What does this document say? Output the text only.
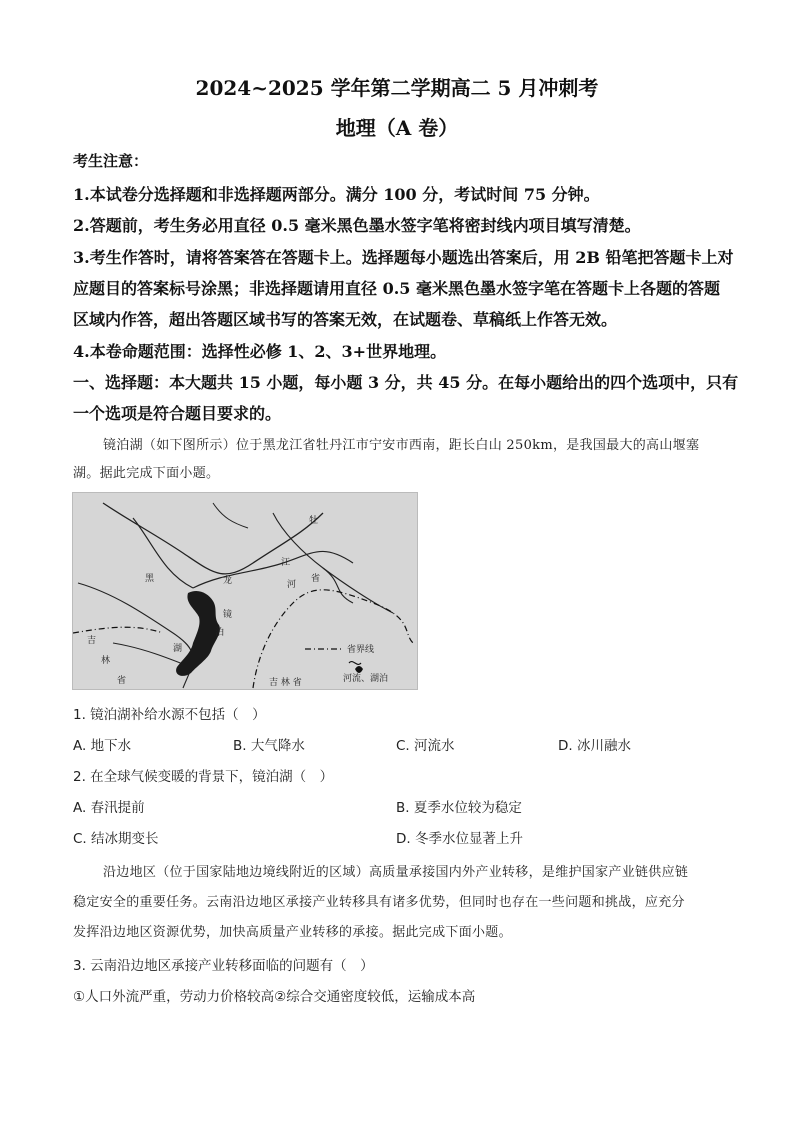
2024~2025 学年第二学期高二 5 月冲刺考
地理（A 卷）
考生注意：
1.本试卷分选择题和非选择题两部分。满分 100 分，考试时间 75 分钟。
2.答题前，考生务必用直径 0.5 毫米黑色墨水签字笔将密封线内项目填写清楚。
3.考生作答时，请将答案答在答题卡上。选择题每小题选出答案后，用 2B 铅笔把答题卡上对
应题目的答案标号涂黑；非选择题请用直径 0.5 毫米黑色墨水签字笔在答题卡上各题的答题
区域内作答，超出答题区域书写的答案无效，在试题卷、草稿纸上作答无效。
4.本卷命题范围：选择性必修 1、2、3+世界地理。
一、选择题：本大题共 15 小题，每小题 3 分，共 45 分。在每小题给出的四个选项中，只有
一个选项是符合题目要求的。
镜泊湖（如下图所示）位于黑龙江省牡丹江市宁安市西南，距长白山 250km，是我国最大的高山堰塞
湖。据此完成下面小题。
黑	龙
江
省
吉
林
省	吉 林 省
牡
镜
泊
湖
河
省界线
河流、湖泊
1. 镜泊湖补给水源不包括（　）
A. 地下水	B. 大气降水	C. 河流水	D. 冰川融水
2. 在全球气候变暖的背景下，镜泊湖（　）
A. 春汛提前	B. 夏季水位较为稳定
C. 结冰期变长	D. 冬季水位显著上升
沿边地区（位于国家陆地边境线附近的区域）高质量承接国内外产业转移，是维护国家产业链供应链
稳定安全的重要任务。云南沿边地区承接产业转移具有诸多优势，但同时也存在一些问题和挑战，应充分
发挥沿边地区资源优势，加快高质量产业转移的承接。据此完成下面小题。
3. 云南沿边地区承接产业转移面临的问题有（　）
①人口外流严重，劳动力价格较高②综合交通密度较低，运输成本高
